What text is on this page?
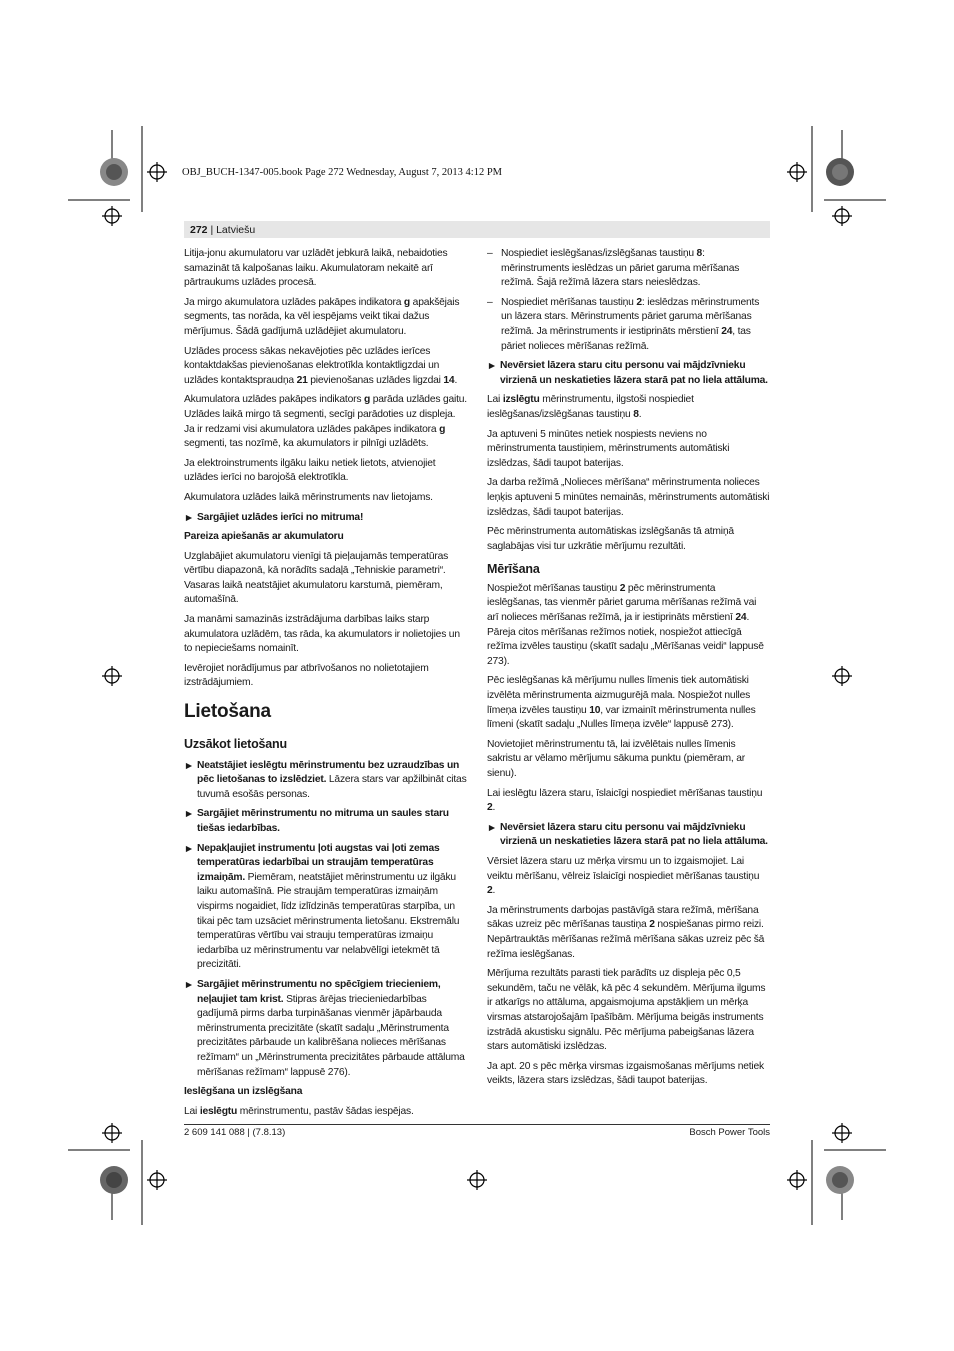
OBJ_BUCH-1347-005.book Page 272 Wednesday, August 7, 2013 4:12 PM
272 | Latviešu

Litija-jonu akumulatoru var uzlādēt jebkurā laikā, nebaidoties samazināt tā kalpošanas laiku. Akumulatoram nekaitē arī pārtraukums uzlādes procesā.

Ja mirgo akumulatora uzlādes pakāpes indikatora g apakšējais segments, tas norāda, ka vēl iespējams veikt tikai dažus mērījumus. Šādā gadījumā uzlādējiet akumulatoru.

Uzlādes process sākas nekavējoties pēc uzlādes ierīces kontaktdakšas pievienošanas elektrotīkla kontaktligzdai un uzlādes kontaktspraudņa 21 pievienošanas uzlādes ligzdai 14.

Akumulatora uzlādes pakāpes indikators g parāda uzlādes gaitu. Uzlādes laikā mirgo tā segmenti, secīgi parādoties uz displeja. Ja ir redzami visi akumulatora uzlādes pakāpes indikatora g segmenti, tas nozīmē, ka akumulators ir pilnīgi uzlādēts.

Ja elektroinstruments ilgāku laiku netiek lietots, atvienojiet uzlādes ierīci no barojošā elektrotīkla.

Akumulatora uzlādes laikā mērinstruments nav lietojams.

▶ Sargājiet uzlādes ierīci no mitruma!
Pareiza apiešanās ar akumulatoru

Uzglabājiet akumulatoru vienīgi tā pieļaujamās temperatūras vērtību diapazonā, kā norādīts sadaļā „Tehniskie parametri“. Vasaras laikā neatstājiet akumulatoru karstumā, piemēram, automašīnā.

Ja manāmi samazinās izstrādājuma darbības laiks starp akumulatora uzlādēm, tas rāda, ka akumulators ir nolietojies un to nepieciešams nomainīt.

Ievērojiet norādījumus par atbrīvošanos no nolietotajiem izstrādājumiem.

Lietošana
Uzsākot lietošanu
▶ Neatstājiet ieslēgtu mērinstrumentu bez uzraudzības un pēc lietošanas to izslēdziet. Lāzera stars var apžilbināt citas tuvumā esošās personas.
▶ Sargājiet mērinstrumentu no mitruma un saules staru tiešas iedarbības.
▶ Nepakļaujiet instrumentu ļoti augstas vai ļoti zemas temperatūras iedarbībai un straujām temperatūras izmaiņām. Piemēram, neatstājiet mērinstrumentu uz ilgāku laiku automašīnā. Pie straujām temperatūras izmaiņām vispirms nogaidiet, līdz izlīdzinās temperatūras starpība, un tikai pēc tam uzsāciet mērinstrumenta lietošanu. Ekstremālu temperatūras vērtību vai strauju temperatūras izmaiņu iedarbība uz mērinstrumentu var nelabvēlīgi ietekmēt tā precizitāti.
▶ Sargājiet mērinstrumentu no spēcīgiem triecieniem, neļaujiet tam krist. Stipras ārējas triecieniedarbības gadījumā pirms darba turpināšanas vienmēr jāpārbauda mērinstrumenta precizitāte (skatīt sadaļu „Mērinstrumenta precizitātes pārbaude un kalibrēšana nolieces mērīšanas režīmam“ un „Mērinstrumenta precizitātes pārbaude attāluma mērīšanas režīmam“ lappusē 276).
Ieslēgšana un izslēgšana

Lai ieslēgtu mērinstrumentu, pastāv šādas iespējas.

– Nospiediet ieslēgšanas/izslēgšanas taustiņu 8: mērinstruments ieslēdzas un pāriet garuma mērīšanas režīmā. Šajā režīmā lāzera stars neieslēdzas.

– Nospiediet mērīšanas taustiņu 2: ieslēdzas mērinstruments un lāzera stars. Mērinstruments pāriet garuma mērīšanas režīmā. Ja mērinstruments ir iestiprināts mērstienī 24, tas pāriet nolieces mērīšanas režīmā.

▶ Nevērsiet lāzera staru citu personu vai mājdzīvnieku virzienā un neskatieties lāzera starā pat no liela attāluma.

Lai izslēgtu mērinstrumentu, ilgstoši nospiediet ieslēgšanas/izslēgšanas taustiņu 8.

Ja aptuveni 5 minūtes netiek nospiests neviens no mērinstrumenta taustiņiem, mērinstruments automātiski izslēdzas, šādi taupot baterijas.

Ja darba režīmā „Nolieces mērīšana“ mērinstrumenta nolieces leņķis aptuveni 5 minūtes nemainās, mērinstruments automātiski izslēdzas, šādi taupot baterijas.

Pēc mērinstrumenta automātiskas izslēgšanās tā atmiņā saglabājas visi tur uzkrātie mērījumu rezultāti.

Mērīšana

Nospiežot mērīšanas taustiņu 2 pēc mērinstrumenta ieslēgšanas, tas vienmēr pāriet garuma mērīšanas režīmā vai arī nolieces mērīšanas režīmā, ja ir iestiprināts mērstienī 24. Pāreja citos mērīšanas režīmos notiek, nospiežot attiecīgā režīma izvēles taustiņu (skatīt sadaļu „Mērīšanas veidi“ lappusē 273).

Pēc ieslēgšanas kā mērījumu nulles līmenis tiek automātiski izvēlēta mērinstrumenta aizmugurējā mala. Nospiežot nulles līmeņa izvēles taustiņu 10, var izmainīt mērinstrumenta nulles līmeni (skatīt sadaļu „Nulles līmeņa izvēle“ lappusē 273).

Novietojiet mērinstrumentu tā, lai izvēlētais nulles līmenis sakristu ar vēlamo mērījumu sākuma punktu (piemēram, ar sienu).

Lai ieslēgtu lāzera staru, īslaicīgi nospiediet mērīšanas taustiņu 2.

▶ Nevērsiet lāzera staru citu personu vai mājdzīvnieku virzienā un neskatieties lāzera starā pat no liela attāluma.

Vērsiet lāzera staru uz mērķa virsmu un to izgaismojiet. Lai veiktu mērīšanu, vēlreiz īslaicīgi nospiediet mērīšanas taustiņu 2.

Ja mērinstruments darbojas pastāvīgā stara režīmā, mērīšana sākas uzreiz pēc mērīšanas taustiņa 2 nospiešanas pirmo reizi. Nepārtrauktās mērīšanas režīmā mērīšana sākas uzreiz pēc šā režīma ieslēgšanas.

Mērījuma rezultāts parasti tiek parādīts uz displeja pēc 0,5 sekundēm, taču ne vēlāk, kā pēc 4 sekundēm. Mērījuma ilgums ir atkarīgs no attāluma, apgaismojuma apstākļiem un mērķa virsmas atstarojošajām īpašībām. Mērījuma beigās instruments izstrādā akustisku signālu. Pēc mērījuma pabeigšanas lāzera stars automātiski izslēdzas.

Ja apt. 20 s pēc mērķa virsmas izgaismošanas mērījums netiek veikts, lāzera stars izslēdzas, šādi taupot baterijas.

2 609 141 088 | (7.8.13)	Bosch Power Tools
